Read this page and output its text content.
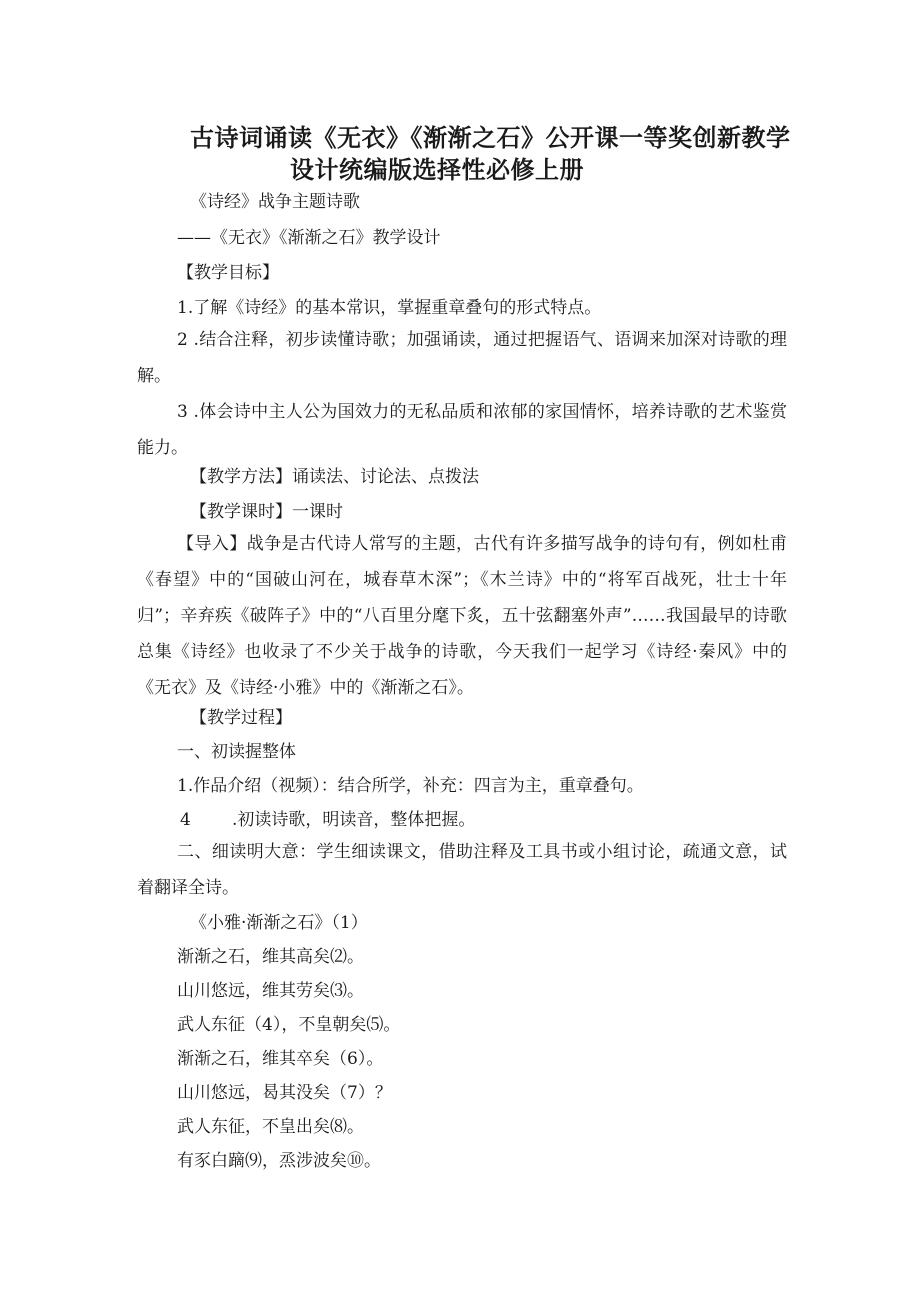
古诗词诵读《无衣》《渐渐之石》公开课一等奖创新教学
设计统编版选择性必修上册
《诗经》战争主题诗歌
——《无衣》《渐渐之石》教学设计
【教学目标】
1.了解《诗经》的基本常识，掌握重章叠句的形式特点。
2 .结合注释，初步读懂诗歌；加强诵读，通过把握语气、语调来加深对诗歌的理解。
3 .体会诗中主人公为国效力的无私品质和浓郁的家国情怀，培养诗歌的艺术鉴赏能力。
【教学方法】诵读法、讨论法、点拨法
【教学课时】一课时
【导入】战争是古代诗人常写的主题，古代有许多描写战争的诗句有，例如杜甫《春望》中的“国破山河在，城春草木深”；《木兰诗》中的“将军百战死，壮士十年归”；辛弃疾《破阵子》中的“八百里分麾下炙，五十弦翻塞外声”……我国最早的诗歌总集《诗经》也收录了不少关于战争的诗歌，今天我们一起学习《诗经·秦风》中的《无衣》及《诗经·小雅》中的《渐渐之石》。
【教学过程】
一、初读握整体
1.作品介绍（视频）：结合所学，补充：四言为主，重章叠句。
4 .初读诗歌，明读音，整体把握。
二、细读明大意：学生细读课文，借助注释及工具书或小组讨论，疏通文意，试着翻译全诗。
《小雅·渐渐之石》（1）
渐渐之石，维其高矣⑵。
山川悠远，维其劳矣⑶。
武人东征（4），不皇朝矣⑸。
渐渐之石，维其卒矣（6）。
山川悠远，曷其没矣（7）？
武人东征，不皇出矣⑻。
有豕白蹢⑼，烝涉波矣⑩。
